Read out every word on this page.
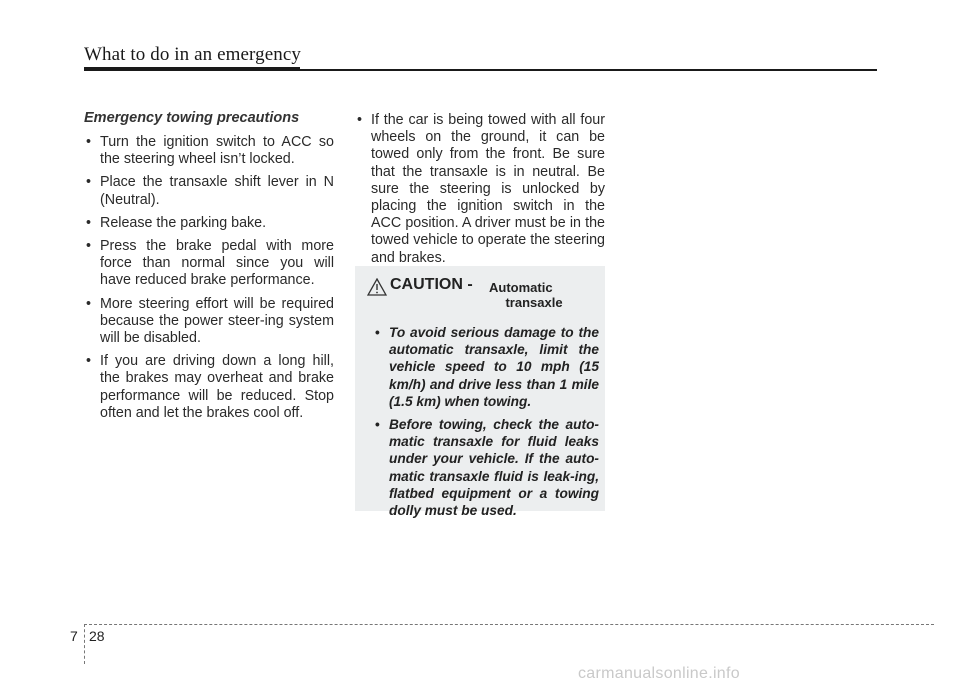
What to do in an emergency
Emergency towing precautions
• Turn the ignition switch to ACC so the steering wheel isn’t locked.
• Place the transaxle shift lever in N (Neutral).
• Release the parking bake.
• Press the brake pedal with more force than normal since you will have reduced brake performance.
• More steering effort will be required because the power steer-ing system will be disabled.
• If you are driving down a long hill, the brakes may overheat and brake performance will be reduced. Stop often and let the brakes cool off.
• If the car is being towed with all four wheels on the ground, it can be towed only from the front. Be sure that the transaxle is in neutral. Be sure the steering is unlocked by placing the ignition switch in the ACC position. A driver must be in the towed vehicle to operate the steering and brakes.
CAUTION - Automatic
transaxle
• To avoid serious damage to the automatic transaxle, limit the vehicle speed to 10 mph (15 km/h) and drive less than 1 mile (1.5 km) when towing.
• Before towing, check the auto-matic transaxle for fluid leaks under your vehicle. If the auto-matic transaxle fluid is leak-ing, flatbed equipment or a towing dolly must be used.
7 28
carmanualsonline.info
